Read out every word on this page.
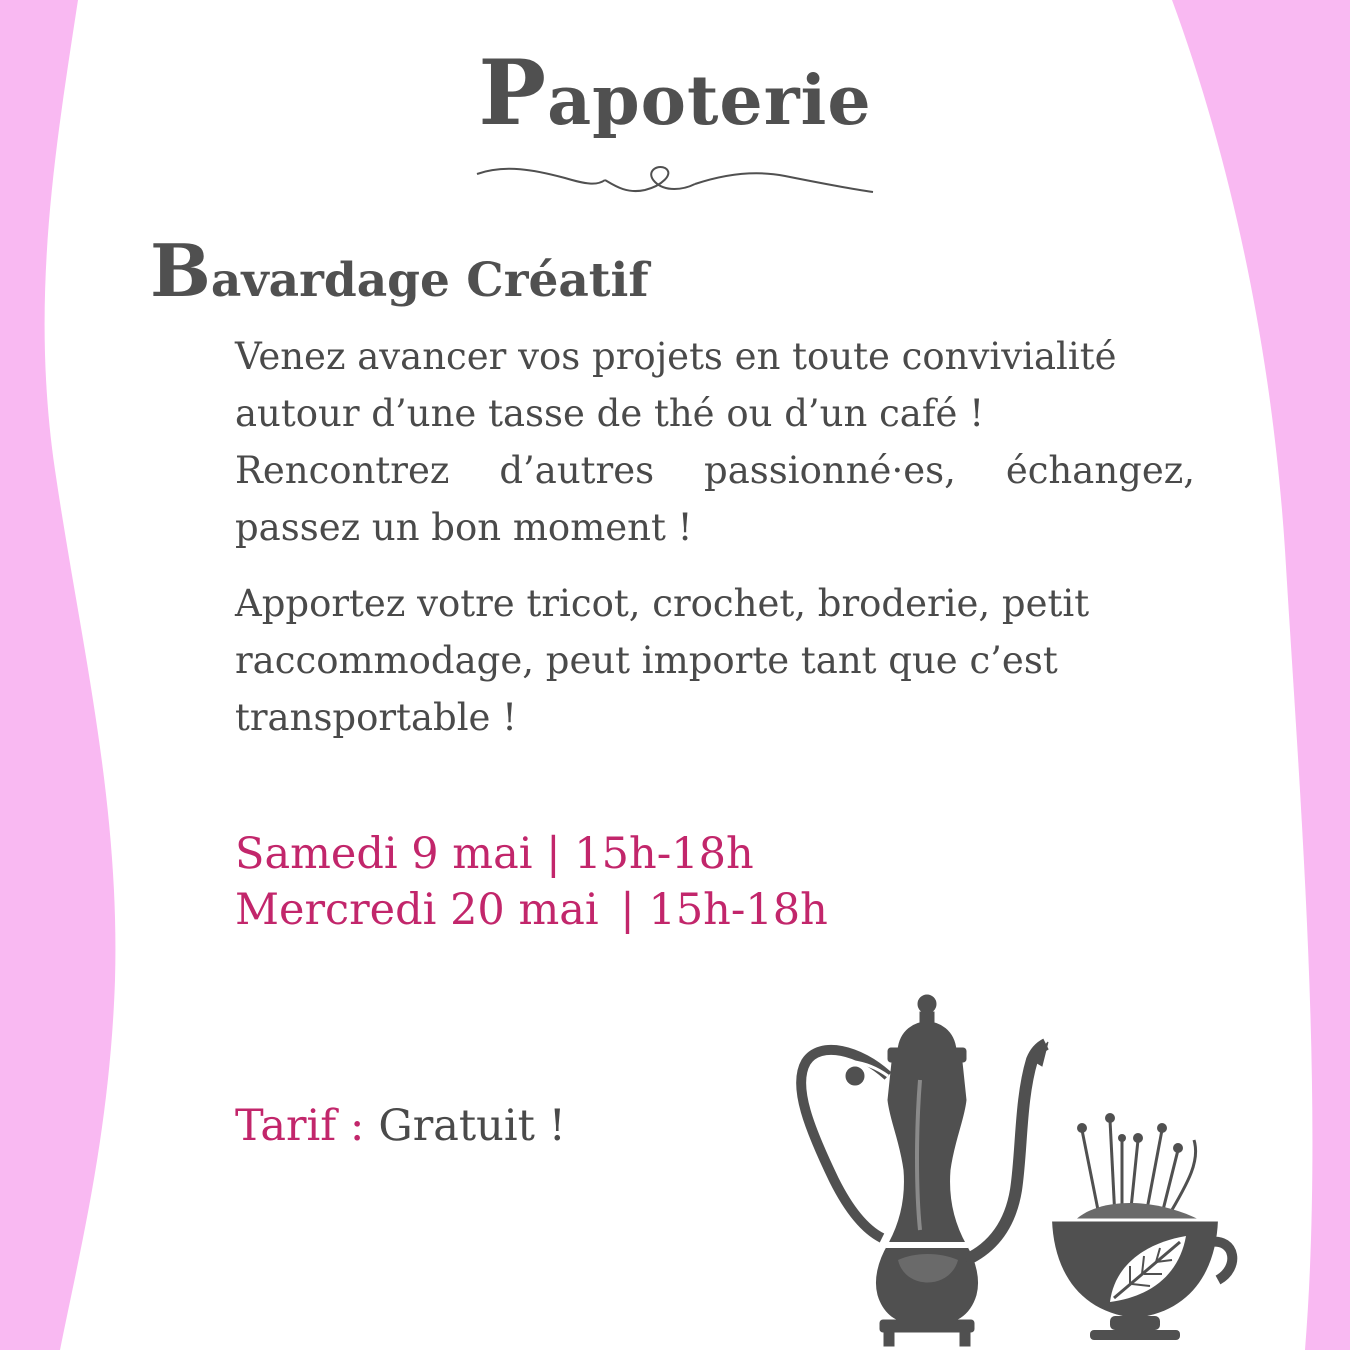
Papoterie
Bavardage Créatif

Venez avancer vos projets en toute convivialité
autour d’une tasse de thé ou d’un café !

Rencontrez d’autres passionné·es, échangez, passez un bon moment !

Apportez votre tricot, crochet, broderie, petit
raccommodage, peut importe tant que c’est
transportable !

Samedi 9 mai | 15h-18h
Mercredi 20 mai | 15h-18h
Tarif : Gratuit !
